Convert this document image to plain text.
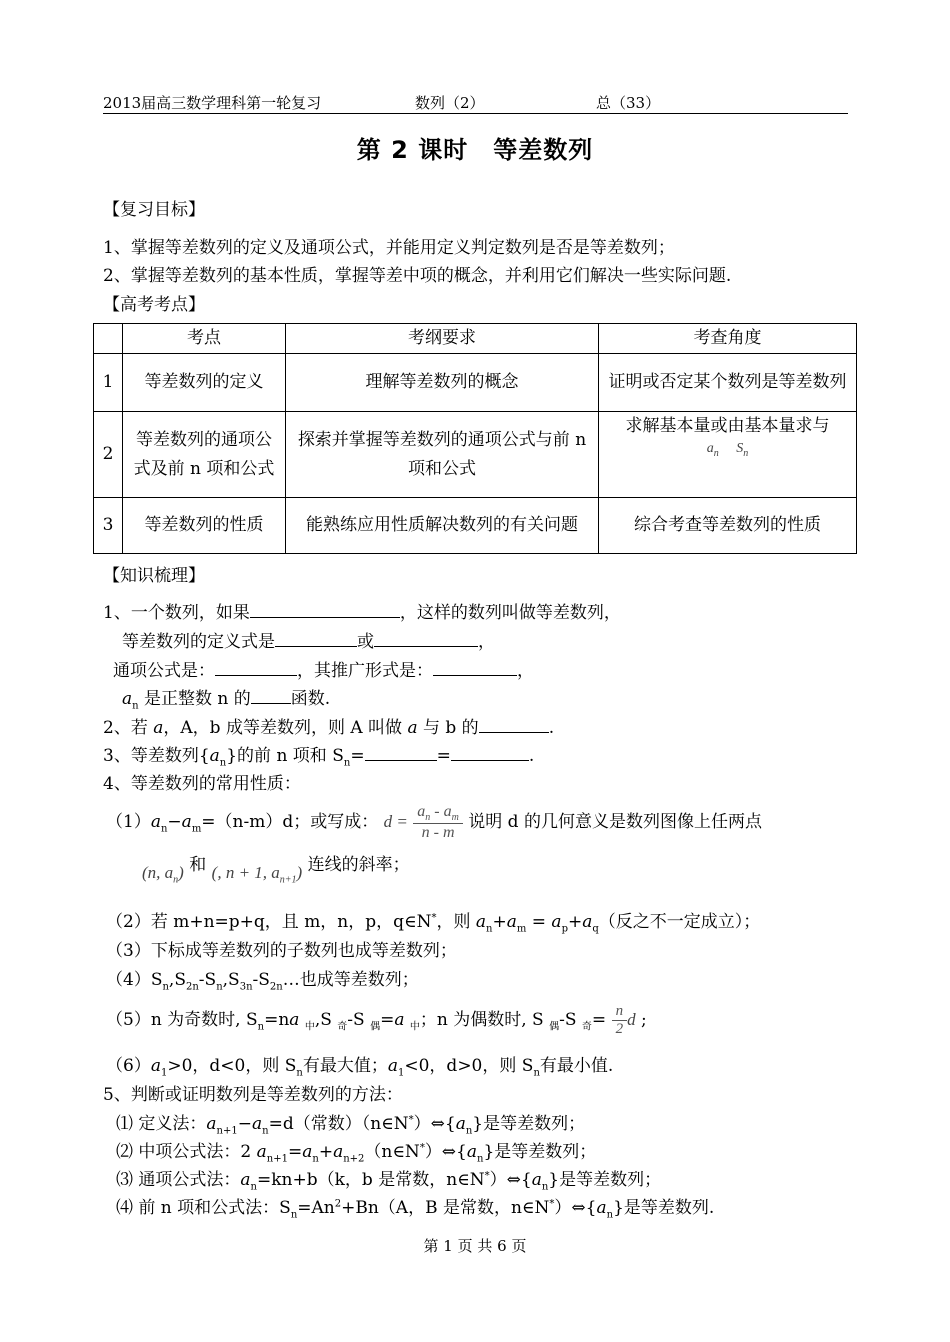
2013届高三数学理科第一轮复习	数列（2）	总（33）
第 2 课时　等差数列
【复习目标】
1、掌握等差数列的定义及通项公式，并能用定义判定数列是否是等差数列；
2、掌握等差数列的基本性质，掌握等差中项的概念，并利用它们解决一些实际问题.
【高考考点】
	考点	考纲要求	考查角度
1	等差数列的定义	理解等差数列的概念	证明或否定某个数列是等差数列
2	等差数列的通项公式及前 n 项和公式	探索并掌握等差数列的通项公式与前 n 项和公式	求解基本量或由基本量求与
$a_n$ $S_n$

3	等差数列的性质	能熟练应用性质解决数列的有关问题	综合考查等差数列的性质
【知识梳理】
1、一个数列，如果	，这样的数列叫做等差数列，
等差数列的定义式是	或	，
通项公式是：	，其推广形式是：	，
$a_n$ 是正整数 n 的 函数.
2、若 a，A，b 成等差数列，则 A 叫做 a 与 b 的	.
3、等差数列$\{a_n\}$的前 n 项和 $S_n=$	=	.
4、等差数列的常用性质：
$(1)a_n-a_m=(n-m)d$；或写成： $d = \frac{a_n - a_m}{n - m}$ 说明 d 的几何意义是数列图像上任两点
(n, $a_n$) 和 (, n + 1, $a_{n+1}$) 连线的斜率；
（2）若 m+n=p+q，且 m，n，p，q∈N*，则 $a_n+a_m = a_p+a_q$（反之不一定成立）；
（3）下标成等差数列的子数列也成等差数列；
$(4)S_n,S_{2n}-S_n,S_{3n}-S_{2n}\dots$也成等差数列；
（5）n 为奇数时, $S_n=na$ $_中$,S $_奇$-S $_偶$=a $_中$；n 为偶数时, S $_偶$-S $_奇= \frac{n}{2}$ d ;
$(6)a_1>0$，d<0，则 $S_n$有最大值；$a_1<0$，d>0，则 $S_n$有最小值.
5、判断或证明数列是等差数列的方法：
⑴ 定义法：$a_{n+1}-a_n=d$（常数）$(n\in N^*)\Leftrightarrow\{a_n\}$是等差数列；
⑵ 中项公式法：2 $a_{n+1}=a_n+a_{n+2}(n\in N^*)\Leftrightarrow\{a_n\}$是等差数列；
⑶ 通项公式法：$a_n=kn+b(k$，b 是常数，$n\in N^*)\Leftrightarrow\{a_n\}$是等差数列；
⑷ 前 n 项和公式法：$S_n=An^2+Bn(A$，B 是常数，$n\in N^*)\Leftrightarrow\{a_n\}$是等差数列.
第 1 页 共 6 页
